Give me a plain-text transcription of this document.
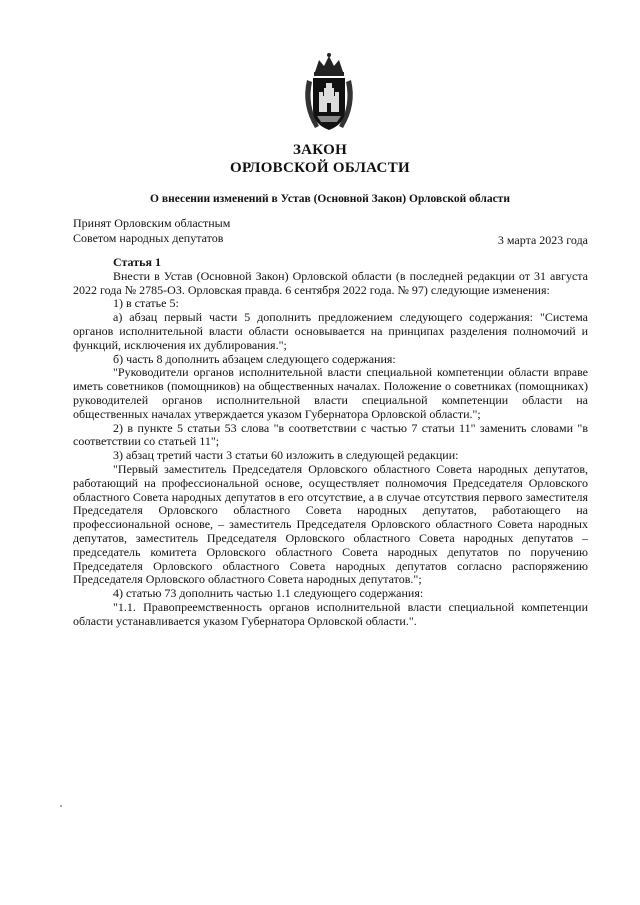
ЗАКОН
ОРЛОВСКОЙ ОБЛАСТИ
О внесении изменений в Устав (Основной Закон) Орловской области
Принят Орловским областным
Советом народных депутатов	3 марта 2023 года

Статья 1

Внести в Устав (Основной Закон) Орловской области (в последней редакции от 31 августа 2022 года № 2785-ОЗ. Орловская правда. 6 сентября 2022 года. № 97) следующие изменения:

1) в статье 5:

а) абзац первый части 5 дополнить предложением следующего содержания: "Система органов исполнительной власти области основывается на принципах разделения полномочий и функций, исключения их дублирования.";

б) часть 8 дополнить абзацем следующего содержания:

"Руководители органов исполнительной власти специальной компетенции области вправе иметь советников (помощников) на общественных началах. Положение о советниках (помощниках) руководителей органов исполнительной власти специальной компетенции области на общественных началах утверждается указом Губернатора Орловской области.";

2) в пункте 5 статьи 53 слова "в соответствии с частью 7 статьи 11" заменить словами "в соответствии со статьей 11";

3) абзац третий части 3 статьи 60 изложить в следующей редакции:

"Первый заместитель Председателя Орловского областного Совета народных депутатов, работающий на профессиональной основе, осуществляет полномочия Председателя Орловского областного Совета народных депутатов в его отсутствие, а в случае отсутствия первого заместителя Председателя Орловского областного Совета народных депутатов, работающего на профессиональной основе, – заместитель Председателя Орловского областного Совета народных депутатов, заместитель Председателя Орловского областного Совета народных депутатов – председатель комитета Орловского областного Совета народных депутатов по поручению Председателя Орловского областного Совета народных депутатов согласно распоряжению Председателя Орловского областного Совета народных депутатов.";

4) статью 73 дополнить частью 1.1 следующего содержания:

"1.1. Правопреемственность органов исполнительной власти специальной компетенции области устанавливается указом Губернатора Орловской области.".
